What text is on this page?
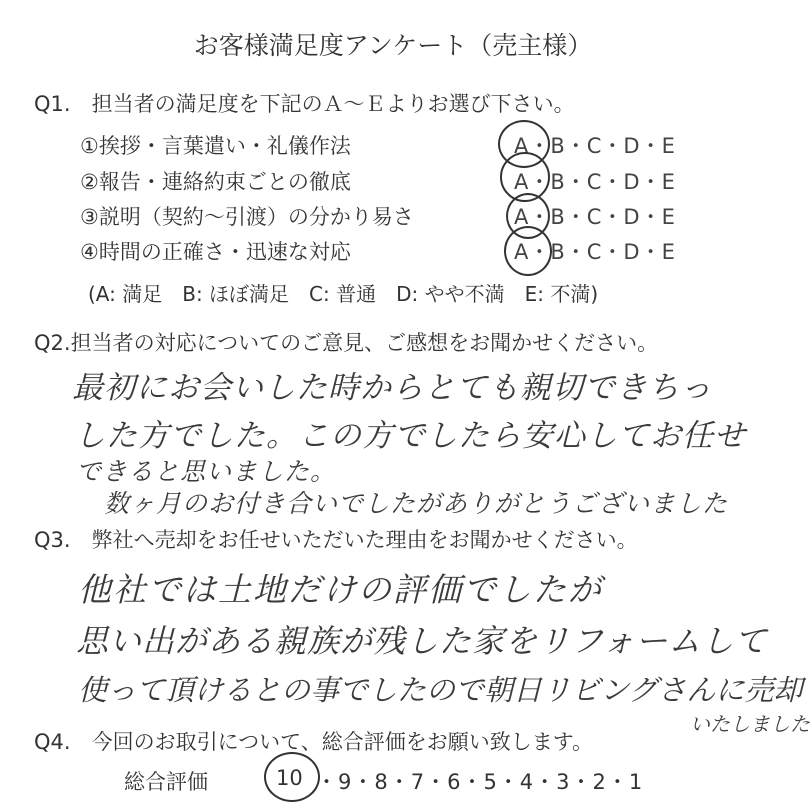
お客様満足度アンケート（売主様）
Q1.　担当者の満足度を下記のＡ～Ｅよりお選び下さい。
①挨拶・言葉遣い・礼儀作法	A・B・C・D・E
②報告・連絡約束ごとの徹底	A・B・C・D・E
③説明（契約～引渡）の分かり易さ	A・B・C・D・E
④時間の正確さ・迅速な対応	A・B・C・D・E
(A: 満足　B: ほぼ満足　C: 普通　D: やや不満　E: 不満)
Q2.担当者の対応についてのご意見、ご感想をお聞かせください。
最初にお会いした時からとても親切できちっ
した方でした。この方でしたら安心してお任せ
できると思いました。
数ヶ月のお付き合いでしたがありがとうございました
Q3.　弊社へ売却をお任せいただいた理由をお聞かせください。
他社では土地だけの評価でしたが
思い出がある親族が残した家をリフォームして
使って頂けるとの事でしたので朝日リビングさんに売却
いたしました
Q4.　今回のお取引について、総合評価をお願い致します。
総合評価	10 ・9・8・7・6・5・4・3・2・1
